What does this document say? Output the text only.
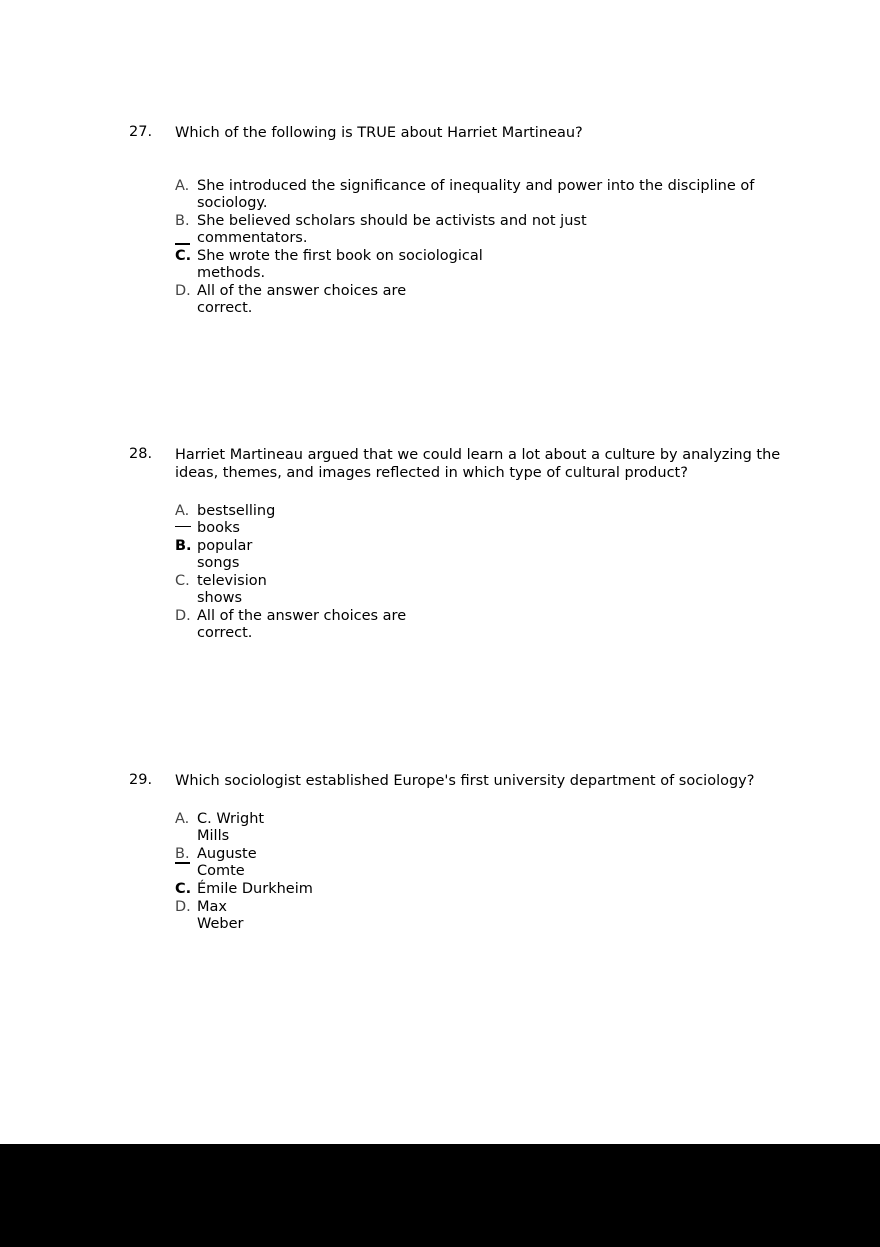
27.	Which of the following is TRUE about Harriet Martineau?
A. She introduced the significance of inequality and power into the discipline of
sociology.
B. She believed scholars should be activists and not just
commentators.
C. She wrote the first book on sociological
methods.
D. All of the answer choices are
correct.
28.	Harriet Martineau argued that we could learn a lot about a culture by analyzing the
ideas, themes, and images reflected in which type of cultural product?
A. bestselling
books
B. popular
songs
C. television
shows
D. All of the answer choices are
correct.
29.	Which sociologist established Europe's first university department of sociology?
A. C. Wright
Mills
B. Auguste
Comte
C. Émile Durkheim
D. Max
Weber
